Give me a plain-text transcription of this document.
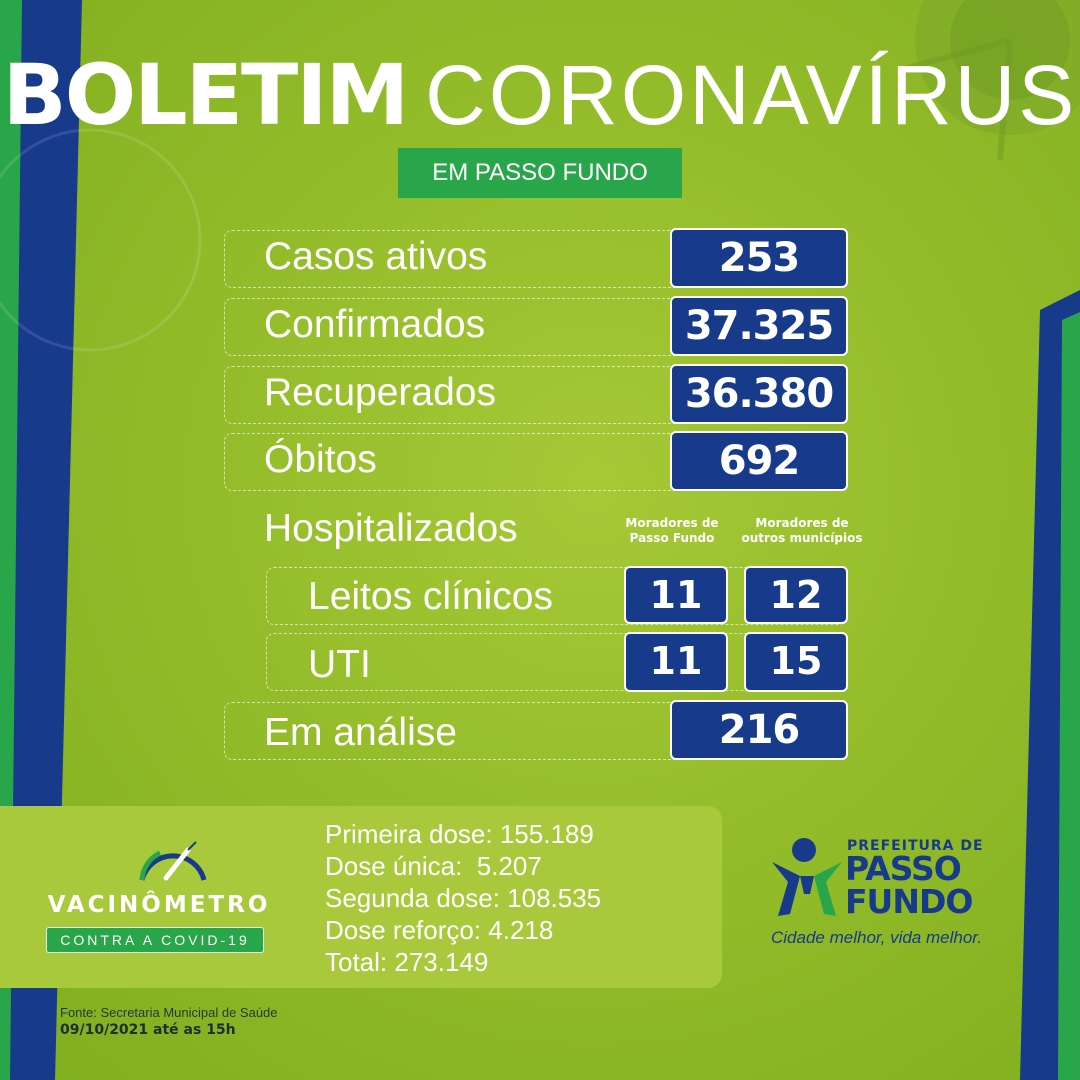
BOLETIM CORONAVÍRUS
EM PASSO FUNDO
Casos ativos	253
Confirmados	37.325
Recuperados	36.380
Óbitos	692
Hospitalizados	Moradores de
Passo Fundo
Moradores de
outros municípios
Leitos clínicos	11	12
UTI	11	15
Em análise	216
VACINÔMETRO
CONTRA A COVID-19
Primeira dose: 155.189
Dose única:  5.207
Segunda dose: 108.535
Dose reforço: 4.218
Total: 273.149
PREFEITURA DE
PASSO
FUNDO
Cidade melhor, vida melhor.
Fonte: Secretaria Municipal de Saúde
09/10/2021 até as 15h
